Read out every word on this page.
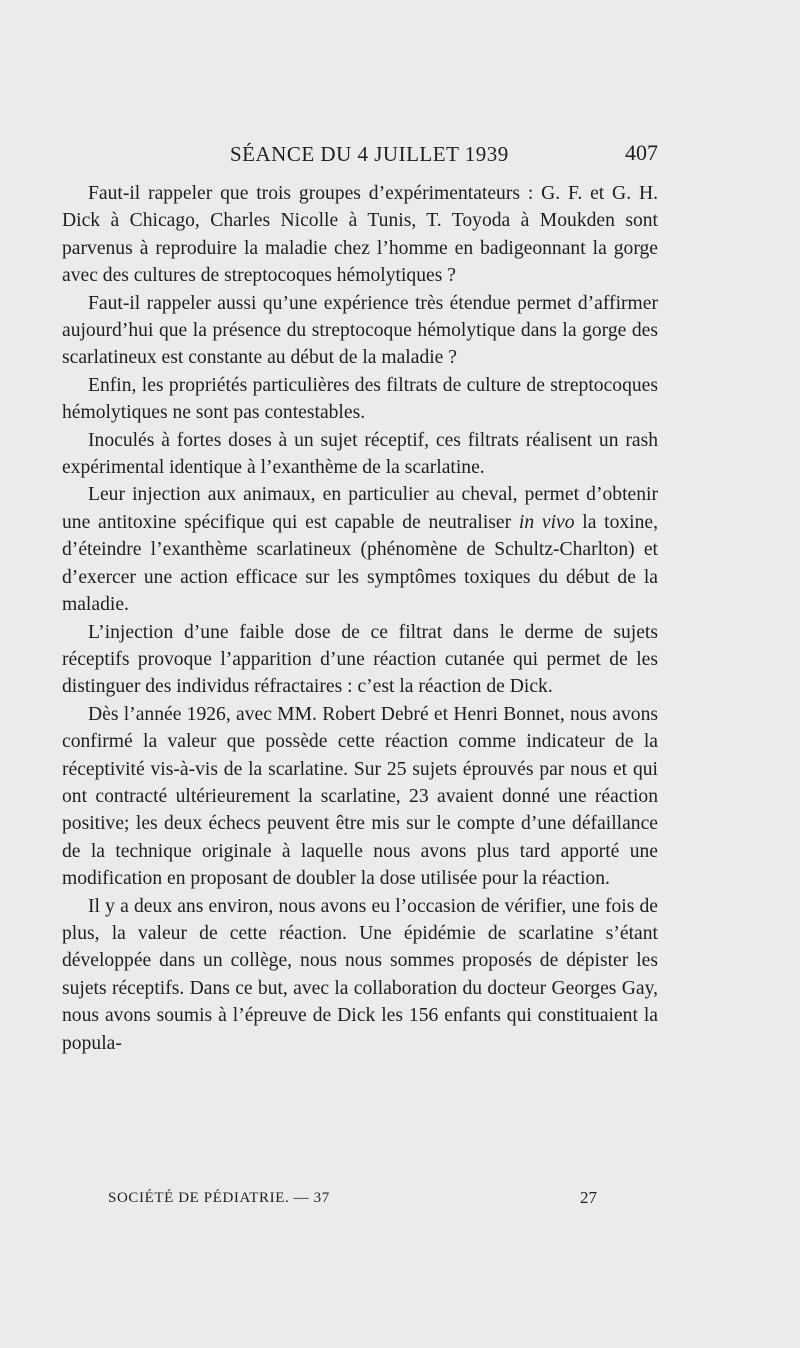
SÉANCE DU 4 JUILLET 1939	407

Faut-il rappeler que trois groupes d’expérimentateurs : G. F. et G. H. Dick à Chicago, Charles Nicolle à Tunis, T. Toyoda à Moukden sont parvenus à reproduire la maladie chez l’homme en badigeonnant la gorge avec des cultures de streptocoques hémolytiques ?

Faut-il rappeler aussi qu’une expérience très étendue permet d’affirmer aujourd’hui que la présence du streptocoque hémolytique dans la gorge des scarlatineux est constante au début de la maladie ?

Enfin, les propriétés particulières des filtrats de culture de streptocoques hémolytiques ne sont pas contestables.

Inoculés à fortes doses à un sujet réceptif, ces filtrats réalisent un rash expérimental identique à l’exanthème de la scarlatine.

Leur injection aux animaux, en particulier au cheval, permet d’obtenir une antitoxine spécifique qui est capable de neutraliser in vivo la toxine, d’éteindre l’exanthème scarlatineux (phénomène de Schultz-Charlton) et d’exercer une action efficace sur les symptômes toxiques du début de la maladie.

L’injection d’une faible dose de ce filtrat dans le derme de sujets réceptifs provoque l’apparition d’une réaction cutanée qui permet de les distinguer des individus réfractaires : c’est la réaction de Dick.

Dès l’année 1926, avec MM. Robert Debré et Henri Bonnet, nous avons confirmé la valeur que possède cette réaction comme indicateur de la réceptivité vis-à-vis de la scarlatine. Sur 25 sujets éprouvés par nous et qui ont contracté ultérieurement la scarlatine, 23 avaient donné une réaction positive; les deux échecs peuvent être mis sur le compte d’une défaillance de la technique originale à laquelle nous avons plus tard apporté une modification en proposant de doubler la dose utilisée pour la réaction.

Il y a deux ans environ, nous avons eu l’occasion de vérifier, une fois de plus, la valeur de cette réaction. Une épidémie de scarlatine s’étant développée dans un collège, nous nous sommes proposés de dépister les sujets réceptifs. Dans ce but, avec la collaboration du docteur Georges Gay, nous avons soumis à l’épreuve de Dick les 156 enfants qui constituaient la popula-

SOCIÉTÉ DE PÉDIATRIE. — 37	27
